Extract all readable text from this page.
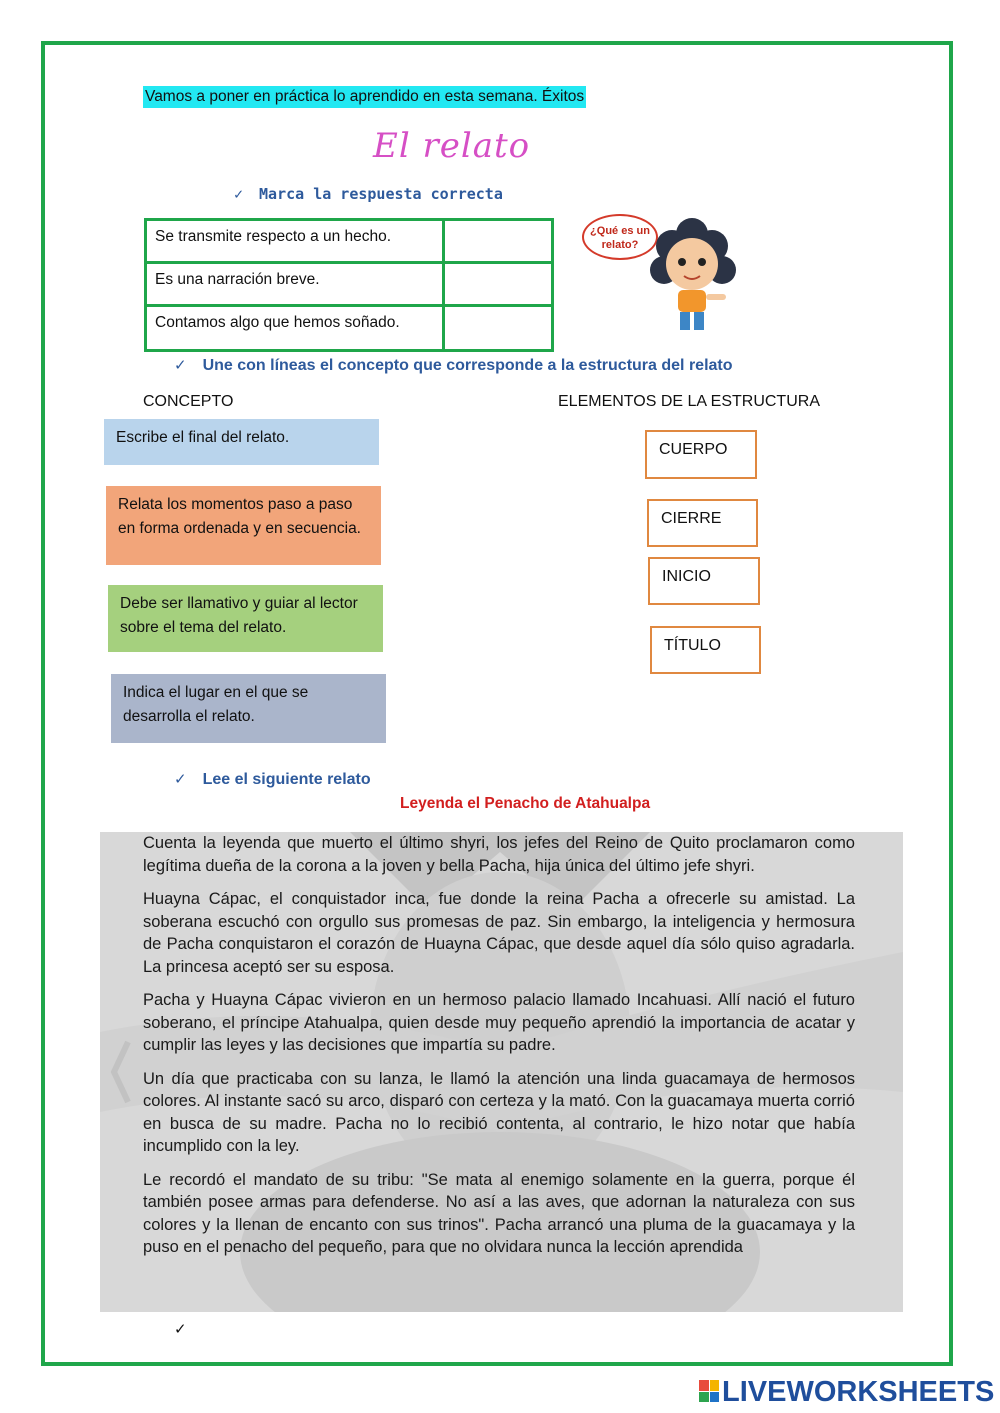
Vamos a poner en práctica lo aprendido en esta semana. Éxitos
El relato
✓ Marca la respuesta correcta
Se transmite respecto a un hecho.
Es una narración breve.
Contamos algo que hemos soñado.
¿Qué es un relato?
✓ Une con líneas el concepto que corresponde a la estructura del relato
CONCEPTO	ELEMENTOS DE LA ESTRUCTURA
Escribe el final del relato.
Relata los momentos paso a paso en forma ordenada y en secuencia.
Debe ser llamativo y guiar al lector sobre el tema del relato.
Indica el lugar en el que se desarrolla el relato.
CUERPO
CIERRE
INICIO
TÍTULO
✓ Lee el siguiente relato
Leyenda el Penacho de Atahualpa

Cuenta la leyenda que muerto el último shyri, los jefes del Reino de Quito proclamaron como legítima dueña de la corona a la joven y bella Pacha, hija única del último jefe shyri.

Huayna Cápac, el conquistador inca, fue donde la reina Pacha a ofrecerle su amistad. La soberana escuchó con orgullo sus promesas de paz. Sin embargo, la inteligencia y hermosura de Pacha conquistaron el corazón de Huayna Cápac, que desde aquel día sólo quiso agradarla. La princesa aceptó ser su esposa.

Pacha y Huayna Cápac vivieron en un hermoso palacio llamado Incahuasi. Allí nació el futuro soberano, el príncipe Atahualpa, quien desde muy pequeño aprendió la importancia de acatar y cumplir las leyes y las decisiones que impartía su padre.

Un día que practicaba con su lanza, le llamó la atención una linda guacamaya de hermosos colores. Al instante sacó su arco, disparó con certeza y la mató. Con la guacamaya muerta corrió en busca de su madre. Pacha no lo recibió contenta, al contrario, le hizo notar que había incumplido con la ley.

Le recordó el mandato de su tribu: "Se mata al enemigo solamente en la guerra, porque él también posee armas para defenderse. No así a las aves, que adornan la naturaleza con sus colores y la llenan de encanto con sus trinos". Pacha arrancó una pluma de la guacamaya y la puso en el penacho del pequeño, para que no olvidara nunca la lección aprendida

✓
LIVEWORKSHEETS
